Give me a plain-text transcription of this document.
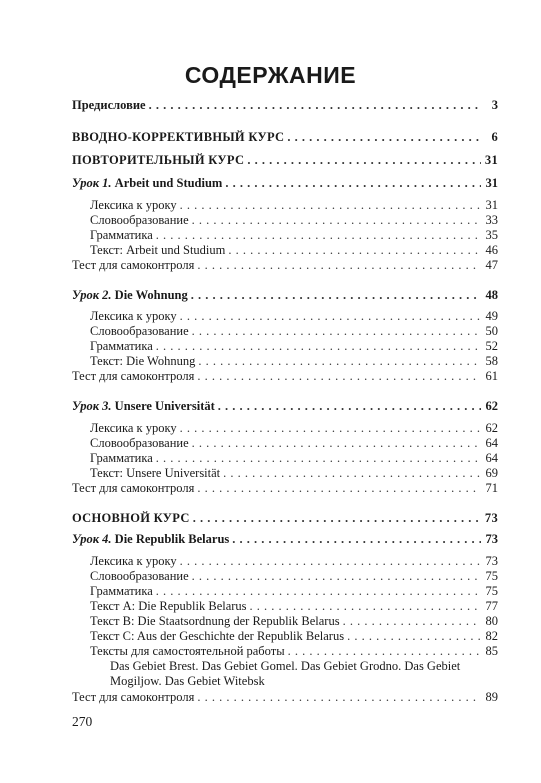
СОДЕРЖАНИЕ
Предисловие . . .	3
ВВОДНО-КОРРЕКТИВНЫЙ КУРС . . .	6
ПОВТОРИТЕЛЬНЫЙ КУРС . . .	31
Урок 1. Arbeit und Studium . . .	31
Лексика к уроку . . .	31
Словообразование . . .	33
Грамматика . . .	35
Текст: Arbeit und Studium . . .	46
Тест для самоконтроля . . .	47
Урок 2. Die Wohnung . . .	48
Лексика к уроку . . .	49
Словообразование . . .	50
Грамматика . . .	52
Текст: Die Wohnung . . .	58
Тест для самоконтроля . . .	61
Урок 3. Unsere Universität . . .	62
Лексика к уроку . . .	62
Словообразование . . .	64
Грамматика . . .	64
Текст: Unsere Universität . . .	69
Тест для самоконтроля . . .	71
ОСНОВНОЙ КУРС . . .	73
Урок 4. Die Republik Belarus . . .	73
Лексика к уроку . . .	73
Словообразование . . .	75
Грамматика . . .	75
Текст A: Die Republik Belarus . . .	77
Текст B: Die Staatsordnung der Republik Belarus . . .	80
Текст C: Aus der Geschichte der Republik Belarus . . .	82
Тексты для самостоятельной работы . . .	85
Das Gebiet Brest. Das Gebiet Gomel. Das Gebiet Grodno. Das Gebiet
Mogiljow. Das Gebiet Witebsk
Тест для самоконтроля . . .	89
270
